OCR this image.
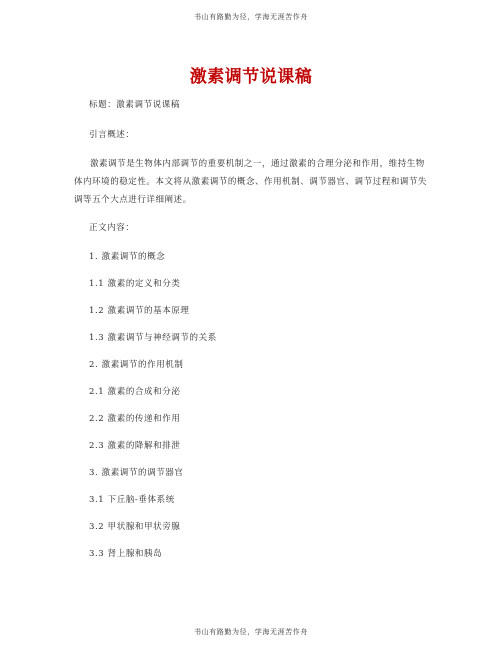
书山有路勤为径，学海无涯苦作舟
激素调节说课稿
标题：激素调节说课稿
引言概述：
激素调节是生物体内部调节的重要机制之一，通过激素的合理分泌和作用，维持生物体内环境的稳定性。本文将从激素调节的概念、作用机制、调节器官、调节过程和调节失调等五个大点进行详细阐述。
正文内容：
1. 激素调节的概念
1.1 激素的定义和分类
1.2 激素调节的基本原理
1.3 激素调节与神经调节的关系
2. 激素调节的作用机制
2.1 激素的合成和分泌
2.2 激素的传递和作用
2.3 激素的降解和排泄
3. 激素调节的调节器官
3.1 下丘脑-垂体系统
3.2 甲状腺和甲状旁腺
3.3 肾上腺和胰岛
书山有路勤为径，学海无涯苦作舟
